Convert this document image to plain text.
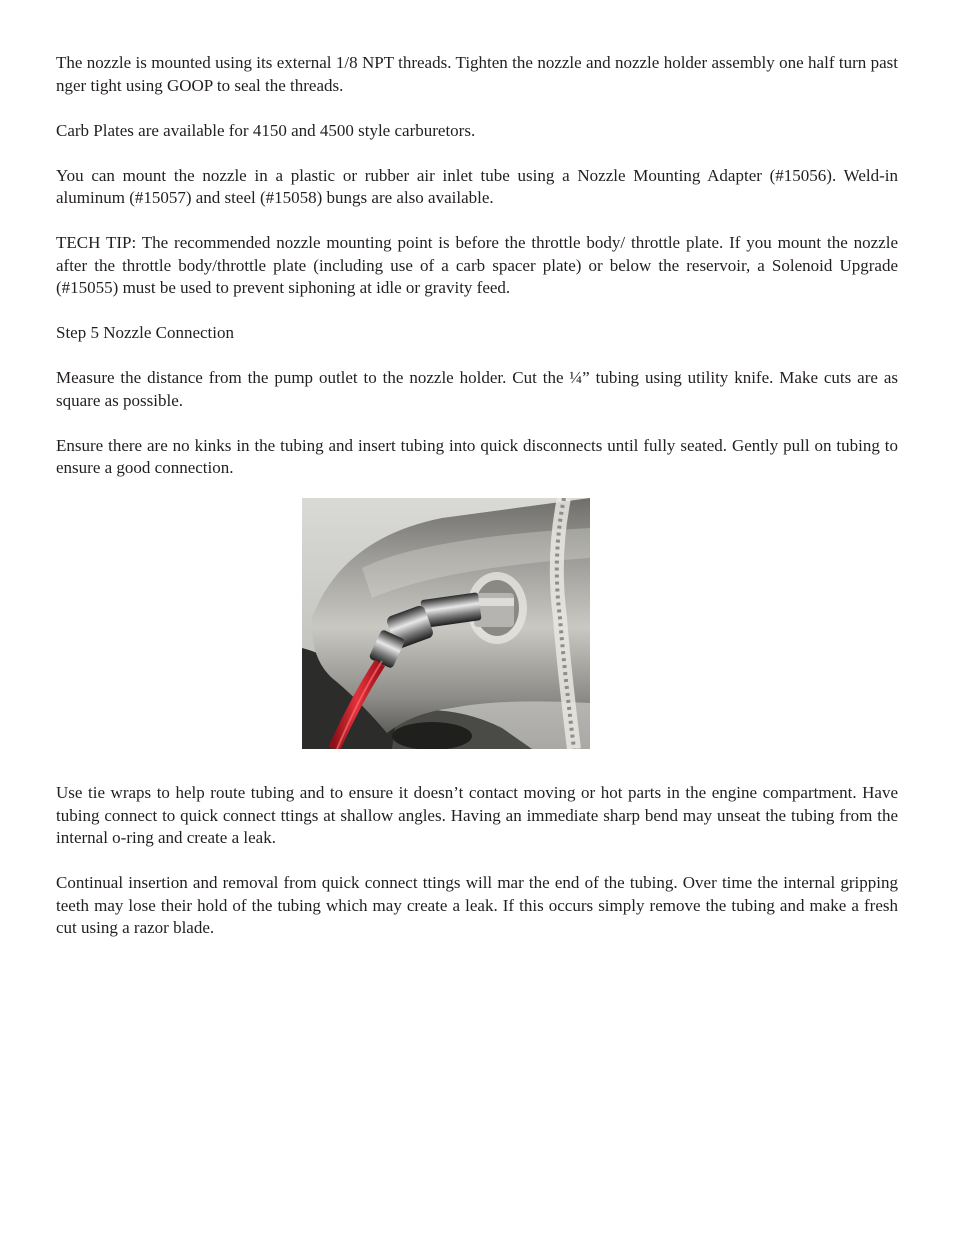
The nozzle is mounted using its external 1/8 NPT threads. Tighten the nozzle and nozzle holder assembly one half turn past nger tight using GOOP to seal the threads.

Carb Plates are available for 4150 and 4500 style carburetors.

You can mount the nozzle in a plastic or rubber air inlet tube using a Nozzle Mounting Adapter (#15056). Weld-in aluminum (#15057) and steel (#15058) bungs are also available.

TECH TIP: The recommended nozzle mounting point is before the throttle body/ throttle plate. If you mount the nozzle after the throttle body/throttle plate (including use of a carb spacer plate) or below the reservoir, a Solenoid Upgrade (#15055) must be used to prevent siphoning at idle or gravity feed.

Step 5 Nozzle Connection

Measure the distance from the pump outlet to the nozzle holder. Cut the ¼” tubing using utility knife. Make cuts are as square as possible.

Ensure there are no kinks in the tubing and insert tubing into quick disconnects until fully seated. Gently pull on tubing to ensure a good connection.

Use tie wraps to help route tubing and to ensure it doesn’t contact moving or hot parts in the engine compartment. Have tubing connect to quick connect ttings at shallow angles. Having an immediate sharp bend may unseat the tubing from the internal o-ring and create a leak.

Continual insertion and removal from quick connect ttings will mar the end of the tubing. Over time the internal gripping teeth may lose their hold of the tubing which may create a leak. If this occurs simply remove the tubing and make a fresh cut using a razor blade.
